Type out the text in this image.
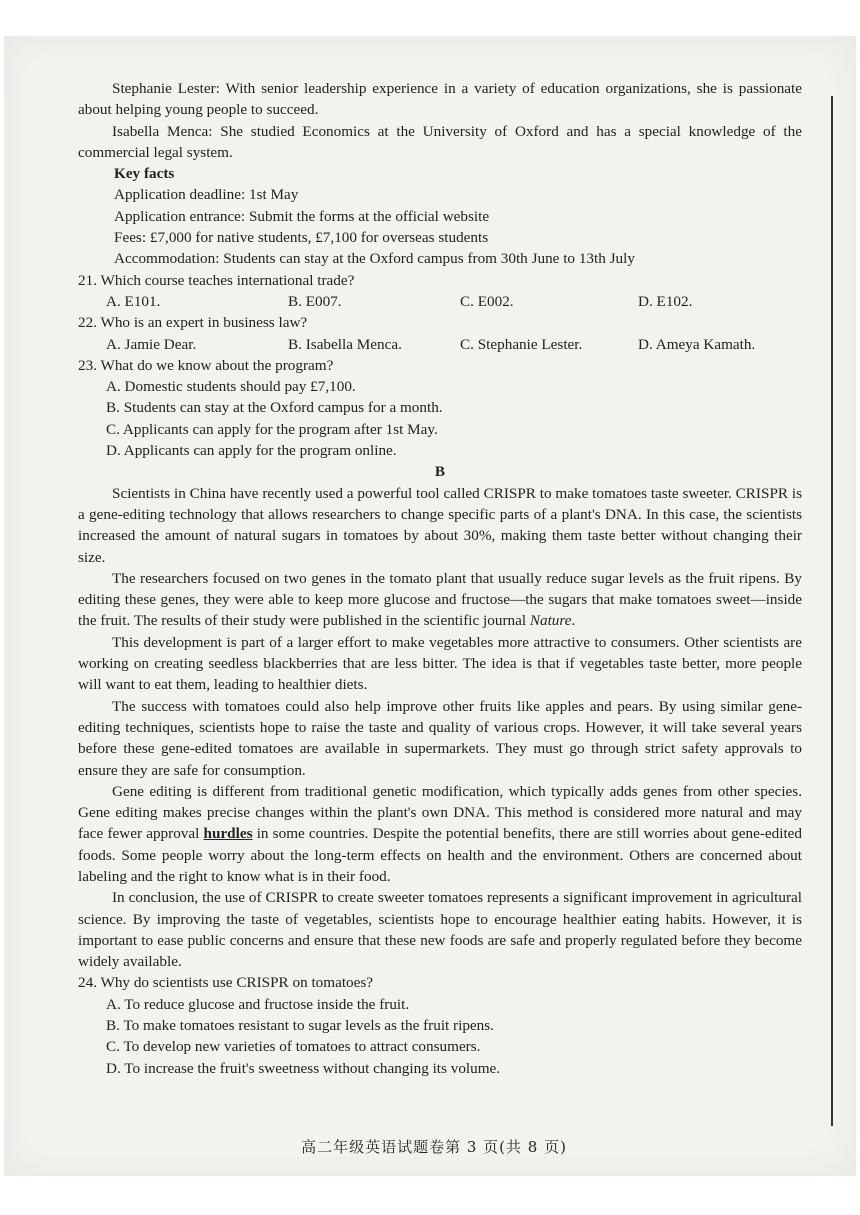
Stephanie Lester: With senior leadership experience in a variety of education organizations, she is passionate about helping young people to succeed.

Isabella Menca: She studied Economics at the University of Oxford and has a special knowledge of the commercial legal system.

Key facts
Application deadline: 1st May
Application entrance: Submit the forms at the official website
Fees: £7,000 for native students, £7,100 for overseas students
Accommodation: Students can stay at the Oxford campus from 30th June to 13th July
21. Which course teaches international trade?
A. E101.	B. E007.	C. E002.	D. E102.
22. Who is an expert in business law?
A. Jamie Dear.	B. Isabella Menca.	C. Stephanie Lester.	D. Ameya Kamath.
23. What do we know about the program?
A. Domestic students should pay £7,100.
B. Students can stay at the Oxford campus for a month.
C. Applicants can apply for the program after 1st May.
D. Applicants can apply for the program online.
B

Scientists in China have recently used a powerful tool called CRISPR to make tomatoes taste sweeter. CRISPR is a gene-editing technology that allows researchers to change specific parts of a plant's DNA. In this case, the scientists increased the amount of natural sugars in tomatoes by about 30%, making them taste better without changing their size.

The researchers focused on two genes in the tomato plant that usually reduce sugar levels as the fruit ripens. By editing these genes, they were able to keep more glucose and fructose—the sugars that make tomatoes sweet—inside the fruit. The results of their study were published in the scientific journal Nature.

This development is part of a larger effort to make vegetables more attractive to consumers. Other scientists are working on creating seedless blackberries that are less bitter. The idea is that if vegetables taste better, more people will want to eat them, leading to healthier diets.

The success with tomatoes could also help improve other fruits like apples and pears. By using similar gene-editing techniques, scientists hope to raise the taste and quality of various crops. However, it will take several years before these gene-edited tomatoes are available in supermarkets. They must go through strict safety approvals to ensure they are safe for consumption.

Gene editing is different from traditional genetic modification, which typically adds genes from other species. Gene editing makes precise changes within the plant's own DNA. This method is considered more natural and may face fewer approval hurdles in some countries. Despite the potential benefits, there are still worries about gene-edited foods. Some people worry about the long-term effects on health and the environment. Others are concerned about labeling and the right to know what is in their food.

In conclusion, the use of CRISPR to create sweeter tomatoes represents a significant improvement in agricultural science. By improving the taste of vegetables, scientists hope to encourage healthier eating habits. However, it is important to ease public concerns and ensure that these new foods are safe and properly regulated before they become widely available.

24. Why do scientists use CRISPR on tomatoes?
A. To reduce glucose and fructose inside the fruit.
B. To make tomatoes resistant to sugar levels as the fruit ripens.
C. To develop new varieties of tomatoes to attract consumers.
D. To increase the fruit's sweetness without changing its volume.
高二年级英语试题卷第 3 页(共 8 页)
